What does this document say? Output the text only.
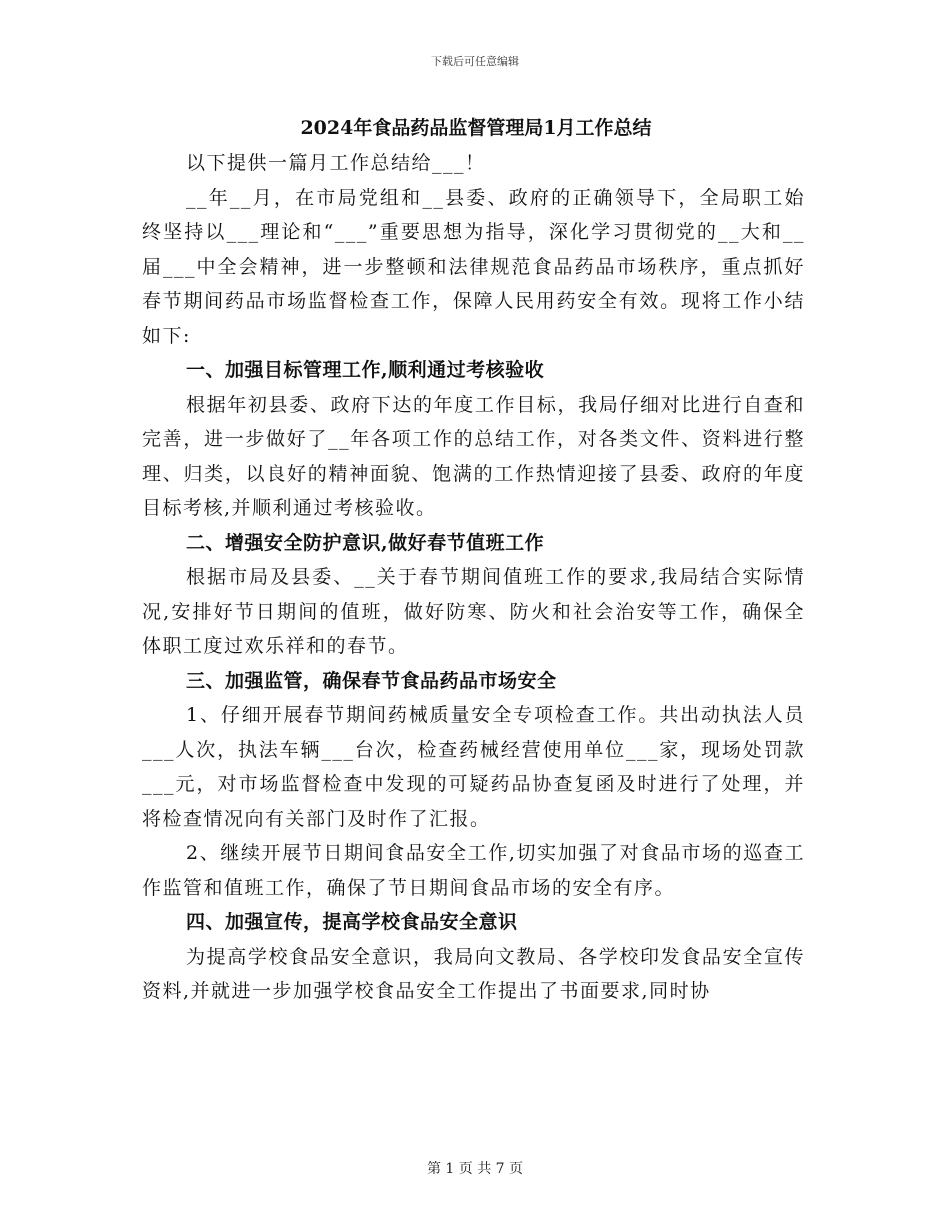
下载后可任意编辑
2024年食品药品监督管理局1月工作总结

以下提供一篇月工作总结给___！

__年__月，在市局党组和__县委、政府的正确领导下，全局职工始终坚持以___理论和“___”重要思想为指导，深化学习贯彻党的__大和__届___中全会精神，进一步整顿和法律规范食品药品市场秩序，重点抓好春节期间药品市场监督检查工作，保障人民用药安全有效。现将工作小结如下:

一、加强目标管理工作,顺利通过考核验收

根据年初县委、政府下达的年度工作目标，我局仔细对比进行自查和完善，进一步做好了__年各项工作的总结工作，对各类文件、资料进行整理、归类，以良好的精神面貌、饱满的工作热情迎接了县委、政府的年度目标考核,并顺利通过考核验收。

二、增强安全防护意识,做好春节值班工作

根据市局及县委、__关于春节期间值班工作的要求,我局结合实际情况,安排好节日期间的值班，做好防寒、防火和社会治安等工作，确保全体职工度过欢乐祥和的春节。

三、加强监管，确保春节食品药品市场安全

1、仔细开展春节期间药械质量安全专项检查工作。共出动执法人员___人次，执法车辆___台次，检查药械经营使用单位___家，现场处罚款___元，对市场监督检查中发现的可疑药品协查复函及时进行了处理，并将检查情况向有关部门及时作了汇报。

2、继续开展节日期间食品安全工作,切实加强了对食品市场的巡查工作监管和值班工作，确保了节日期间食品市场的安全有序。

四、加强宣传，提高学校食品安全意识

为提高学校食品安全意识，我局向文教局、各学校印发食品安全宣传资料,并就进一步加强学校食品安全工作提出了书面要求,同时协

第 1 页 共 7 页
